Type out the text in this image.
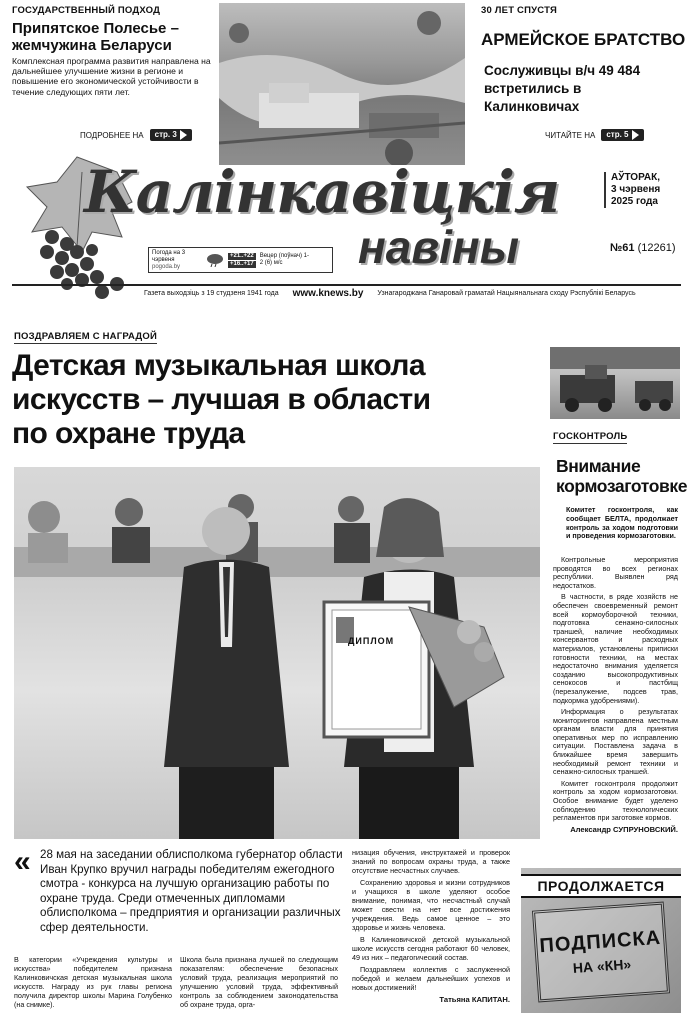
ГОСУДАРСТВЕННЫЙ ПОДХОД
Припятское Полесье – жемчужина Беларуси
Комплексная программа развития направлена на дальнейшее улучшение жизни в регионе и повышение его экономической устойчивости в течение следующих пяти лет.
ПОДРОБНЕЕ НА	стр. 3
30 ЛЕТ СПУСТЯ
АРМЕЙСКОЕ БРАТСТВО
Сослуживцы в/ч 49 484 встретились в Калинковичах
ЧИТАЙТЕ НА	стр. 5
Калінкавіцкія
навіны
АЎТОРАК,
3 чэрвеня
2025 года
№61 (12261)
Погода на 3 чэрвеня
pogoda.by
+21..+22
+16..+17
Вецер (поўнач) 1-2 (6) м/с
Газета выходзіць з 19 студзеня 1941 года www.knews.by Узнагароджана Ганаровай граматай Нацыянальнага сходу Рэспублікі Беларусь
ПОЗДРАВЛЯЕМ С НАГРАДОЙ
Детская музыкальная школа искусств – лучшая в области по охране труда
ДИПЛОМ
« 28 мая на заседании облисполкома губернатор области Иван Крупко вручил награды победителям ежегодного смотра - конкурса на лучшую организацию работы по охране труда. Среди отмеченных дипломами облисполкома – предприятия и организации различных сфер деятельности.
В категории «Учреждения культуры и искусства» победителем признана Калинковичская детская музыкальная школа искусств. Награду из рук главы региона получила директор школы Марина Голубенко (на снимке).
Школа была признана лучшей по следующим показателям: обеспечение безопасных условий труда, реализация мероприятий по улучшению условий труда, эффективный контроль за соблюдением законодательства об охране труда, орга-

низация обучения, инструктажей и проверок знаний по вопросам охраны труда, а также отсутствие несчастных случаев.

Сохранению здоровья и жизни сотрудников и учащихся в школе уделяют особое внимание, понимая, что несчастный случай может свести на нет все достижения учреждения. Ведь самое ценное – это здоровье и жизнь человека.

В Калинковичской детской музыкальной школе искусств сегодня работают 60 человек, 49 из них – педагогический состав.

Поздравляем коллектив с заслуженной победой и желаем дальнейших успехов и новых достижений!

Татьяна КАПИТАН.

ГОСКОНТРОЛЬ
Внимание кормозаготовке
Комитет госконтроля, как сообщает БЕЛТА, продолжает контроль за ходом подготовки и проведения кормозаготовки.

Контрольные мероприятия проводятся во всех регионах республики. Выявлен ряд недостатков.

В частности, в ряде хозяйств не обеспечен своевременный ремонт всей кормоуборочной техники, подготовка сенажно-силосных траншей, наличие необходимых консервантов и расходных материалов, установлены приписки готовности техники, на местах недостаточно внимания уделяется созданию высокопродуктивных сенокосов и пастбищ (перезалужение, подсев трав, подкормка удобрениями).

Информация о результатах мониторингов направлена местным органам власти для принятия оперативных мер по исправлению ситуации. Поставлена задача в ближайшее время завершить необходимый ремонт техники и сенажно-силосных траншей.

Комитет госконтроля продолжит контроль за ходом кормозаготовки. Особое внимание будет уделено соблюдению технологических регламентов при заготовке кормов.

Александр СУПРУНОВСКИЙ.

ПРОДОЛЖАЕТСЯ
ПОДПИСКА
НА «КН»
